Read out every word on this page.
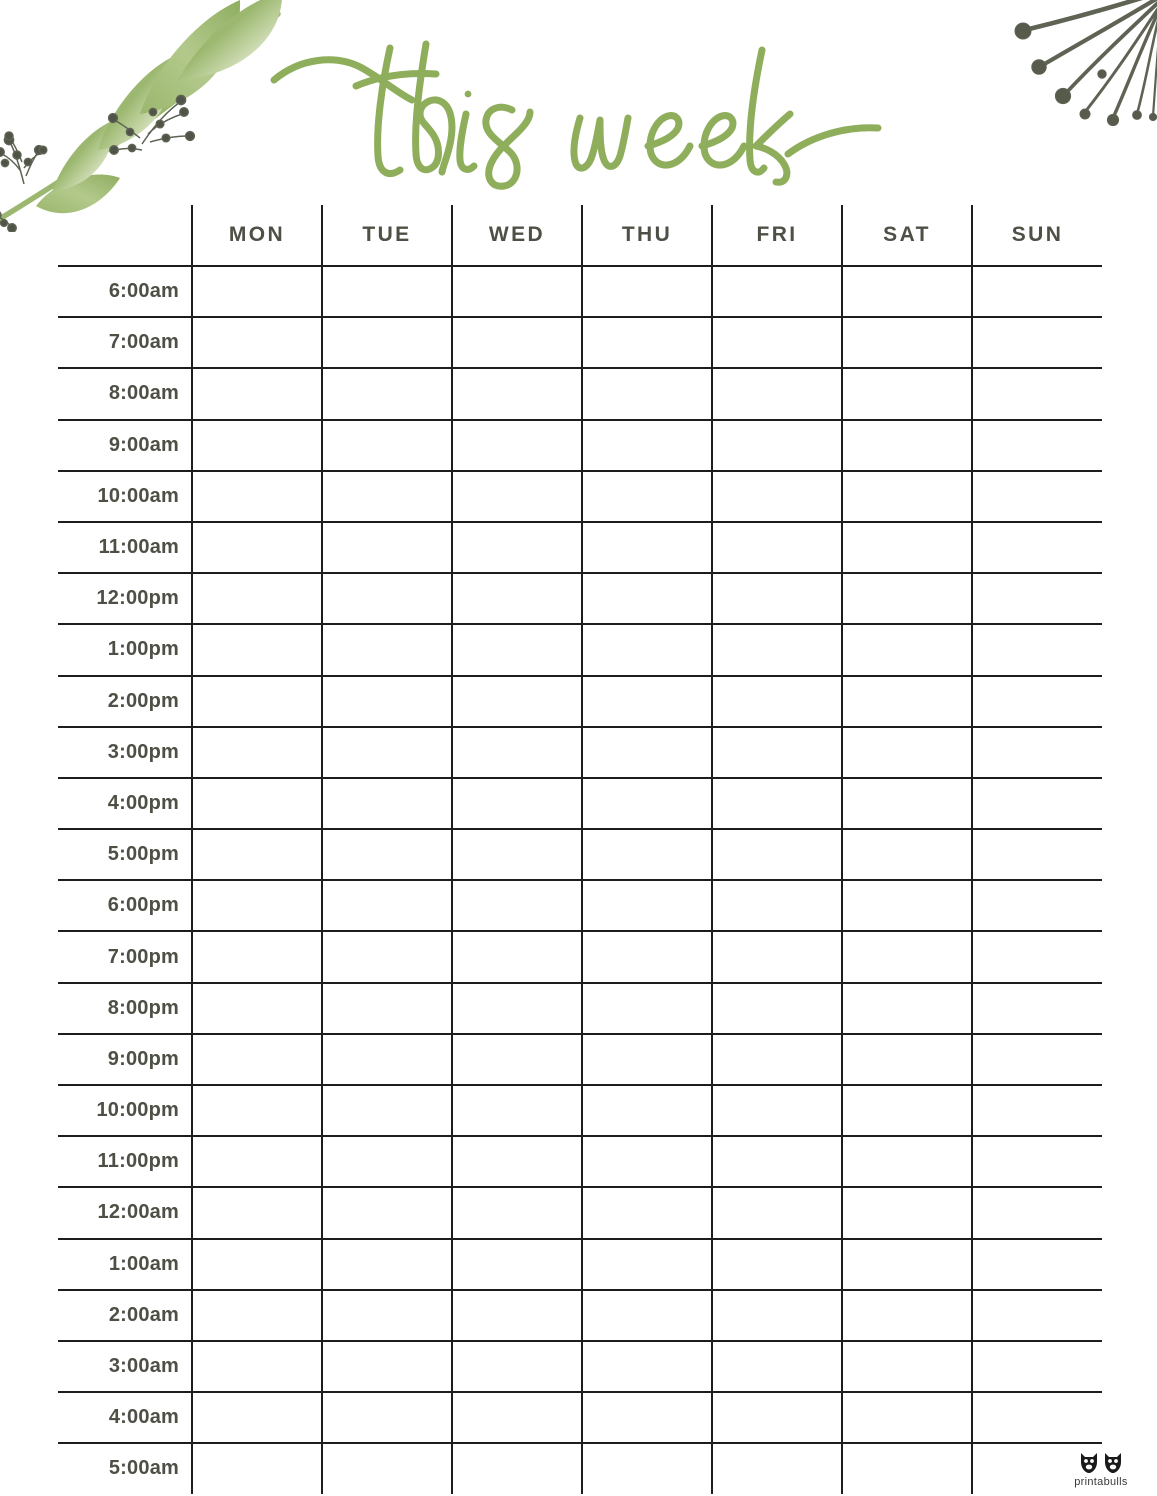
	MON	TUE	WED	THU	FRI	SAT	SUN
6:00am							
7:00am							
8:00am							
9:00am							
10:00am							
11:00am							
12:00pm							
1:00pm							
2:00pm							
3:00pm							
4:00pm							
5:00pm							
6:00pm							
7:00pm							
8:00pm							
9:00pm							
10:00pm							
11:00pm							
12:00am							
1:00am							
2:00am							
3:00am							
4:00am							
5:00am							
printabulls
